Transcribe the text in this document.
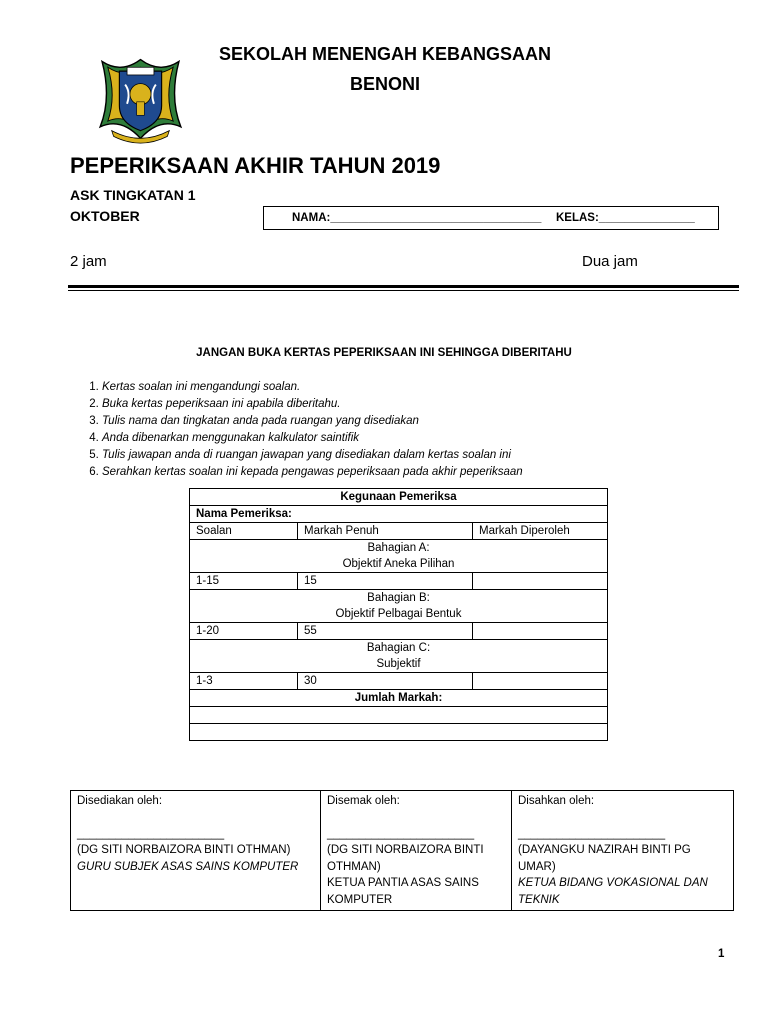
SEKOLAH MENENGAH KEBANGSAAN
BENONI
PEPERIKSAAN AKHIR TAHUN 2019
ASK TINGKATAN 1
OKTOBER	NAMA:_________________________________ KELAS:_______________
2 jam	Dua jam
JANGAN BUKA KERTAS PEPERIKSAAN INI SEHINGGA DIBERITAHU
1. Kertas soalan ini mengandungi soalan.
2. Buka kertas peperiksaan ini apabila diberitahu.
3. Tulis nama dan tingkatan anda pada ruangan yang disediakan
4. Anda dibenarkan menggunakan kalkulator saintifik
5. Tulis jawapan anda di ruangan jawapan yang disediakan dalam kertas soalan ini
6. Serahkan kertas soalan ini kepada pengawas peperiksaan pada akhir peperiksaan
Kegunaan Pemeriksa		
Nama Pemeriksa:		
Soalan	Markah Penuh	Markah Diperoleh
Bahagian A:
Objektif Aneka Pilihan		
1-15	15	
Bahagian B:
Objektif Pelbagai Bentuk		
1-20	55	
Bahagian C:
Subjektif		
1-3	30	
Jumlah Markah:		

Disediakan oleh:
_______________________
(DG SITI NORBAIZORA BINTI OTHMAN)
GURU SUBJEK ASAS SAINS KOMPUTER

Disemak oleh:
_______________________
(DG SITI NORBAIZORA BINTI OTHMAN)
KETUA PANTIA ASAS SAINS KOMPUTER

Disahkan oleh:
_______________________
(DAYANGKU NAZIRAH BINTI PG UMAR)
KETUA BIDANG VOKASIONAL DAN TEKNIK
1
